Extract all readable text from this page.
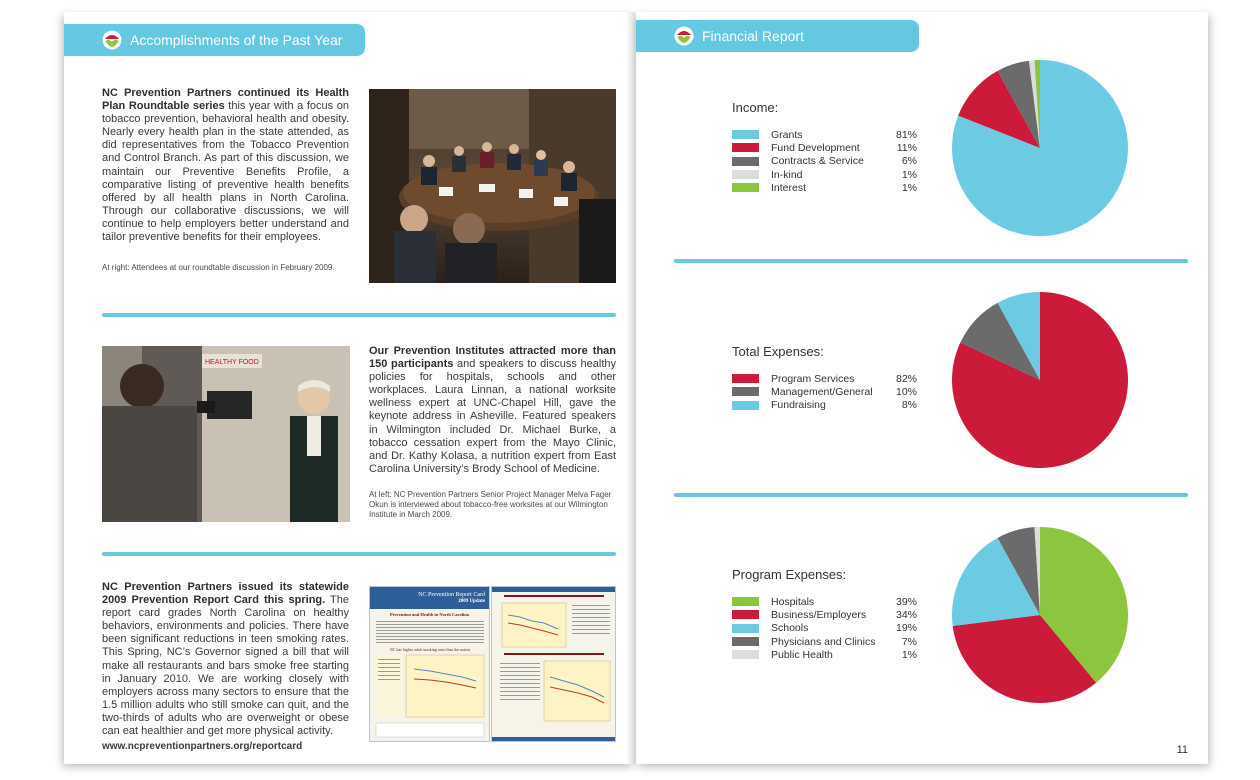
Accomplishments of the Past Year
NC Prevention Partners continued its Health Plan Roundtable series this year with a focus on tobacco prevention, behavioral health and obesity. Nearly every health plan in the state attended, as did representatives from the Tobacco Prevention and Control Branch. As part of this discussion, we maintain our Preventive Benefits Profile, a comparative listing of preventive health benefits offered by all health plans in North Carolina. Through our collaborative discussions, we will continue to help employers better understand and tailor preventive benefits for their employees.
At right: Attendees at our roundtable discussion in February 2009.
HEALTHY FOOD
Our Prevention Institutes attracted more than 150 participants and speakers to discuss healthy policies for hospitals, schools and other workplaces. Laura Linnan, a national worksite wellness expert at UNC-Chapel Hill, gave the keynote address in Asheville. Featured speakers in Wilmington included Dr. Michael Burke, a tobacco cessation expert from the Mayo Clinic, and Dr. Kathy Kolasa, a nutrition expert from East Carolina University’s Brody School of Medicine.
At left: NC Prevention Partners Senior Project Manager Melva Fager Okun is interviewed about tobacco-free worksites at our Wilmington Institute in March 2009.
NC Prevention Partners issued its statewide 2009 Prevention Report Card this spring. The report card grades North Carolina on healthy behaviors, environments and policies. There have been significant reductions in teen smoking rates. This Spring, NC’s Governor signed a bill that will make all restaurants and bars smoke free starting in January 2010. We are working closely with employers across many sectors to ensure that the 1.5 million adults who still smoke can quit, and the two-thirds of adults who are overweight or obese can eat healthier and get more physical activity.
www.ncpreventionpartners.org/reportcard
NC Prevention Report Card
2009 Update
Prevention and Health in North Carolina
NC has higher adult smoking rates than the nation
Financial Report
Income:
Grants	81%
Fund Development	11%
Contracts & Service	6%
In-kind	1%
Interest	1%
Total Expenses:
Program Services	82%
Management/General	10%
Fundraising	8%
Program Expenses:
Hospitals	39%
Business/Employers	34%
Schools	19%
Physicians and Clinics	7%
Public Health	1%
11
